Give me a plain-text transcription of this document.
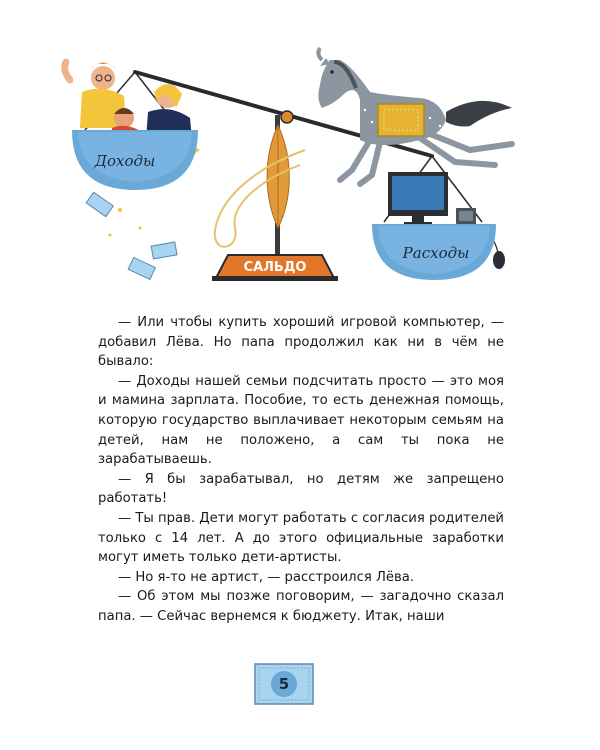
САЛЬДО
Доходы
Расходы

— Или чтобы купить хороший игровой компьютер, — добавил Лёва. Но папа продолжил как ни в чём не бывало:

— Доходы нашей семьи подсчитать просто — это моя и мамина зарплата. Пособие, то есть денежная помощь, которую государство выплачивает некоторым семьям на детей, нам не положено, а сам ты пока не зарабатываешь.

— Я бы зарабатывал, но детям же запрещено работать!

— Ты прав. Дети могут работать с согласия родителей только с 14 лет. А до этого официальные заработки могут иметь только дети-артисты.

— Но я-то не артист, — расстроился Лёва.

— Об этом мы позже поговорим, — загадочно сказал папа. — Сейчас вернемся к бюджету. Итак, наши

5
